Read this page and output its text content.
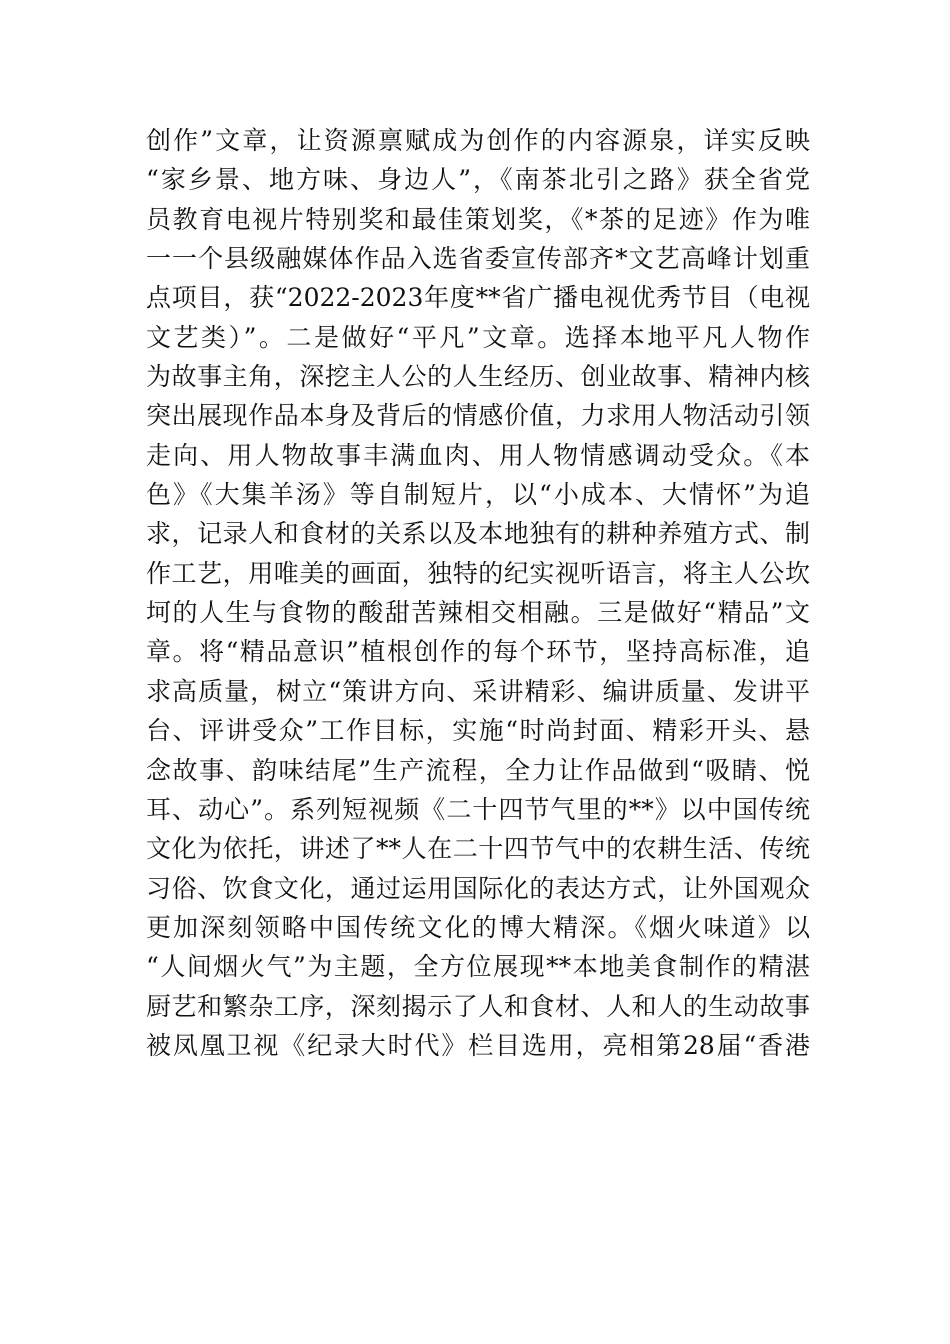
创作”文章，让资源禀赋成为创作的内容源泉，详实反映
“家乡景、地方味、身边人”，《南茶北引之路》获全省党
员教育电视片特别奖和最佳策划奖，《*茶的足迹》作为唯
一一个县级融媒体作品入选省委宣传部齐*文艺高峰计划重
点项目，获“2022-2023年度**省广播电视优秀节目（电视
文艺类）”。二是做好“平凡”文章。选择本地平凡人物作
为故事主角，深挖主人公的人生经历、创业故事、精神内核
突出展现作品本身及背后的情感价值，力求用人物活动引领
走向、用人物故事丰满血肉、用人物情感调动受众。《本
色》《大集羊汤》等自制短片，以“小成本、大情怀”为追
求，记录人和食材的关系以及本地独有的耕种养殖方式、制
作工艺，用唯美的画面，独特的纪实视听语言，将主人公坎
坷的人生与食物的酸甜苦辣相交相融。三是做好“精品”文
章。将“精品意识”植根创作的每个环节，坚持高标准，追
求高质量，树立“策讲方向、采讲精彩、编讲质量、发讲平
台、评讲受众”工作目标，实施“时尚封面、精彩开头、悬
念故事、韵味结尾”生产流程，全力让作品做到“吸睛、悦
耳、动心”。系列短视频《二十四节气里的**》以中国传统
文化为依托，讲述了**人在二十四节气中的农耕生活、传统
习俗、饮食文化，通过运用国际化的表达方式，让外国观众
更加深刻领略中国传统文化的博大精深。《烟火味道》以
“人间烟火气”为主题，全方位展现**本地美食制作的精湛
厨艺和繁杂工序，深刻揭示了人和食材、人和人的生动故事
被凤凰卫视《纪录大时代》栏目选用，亮相第28届“香港
